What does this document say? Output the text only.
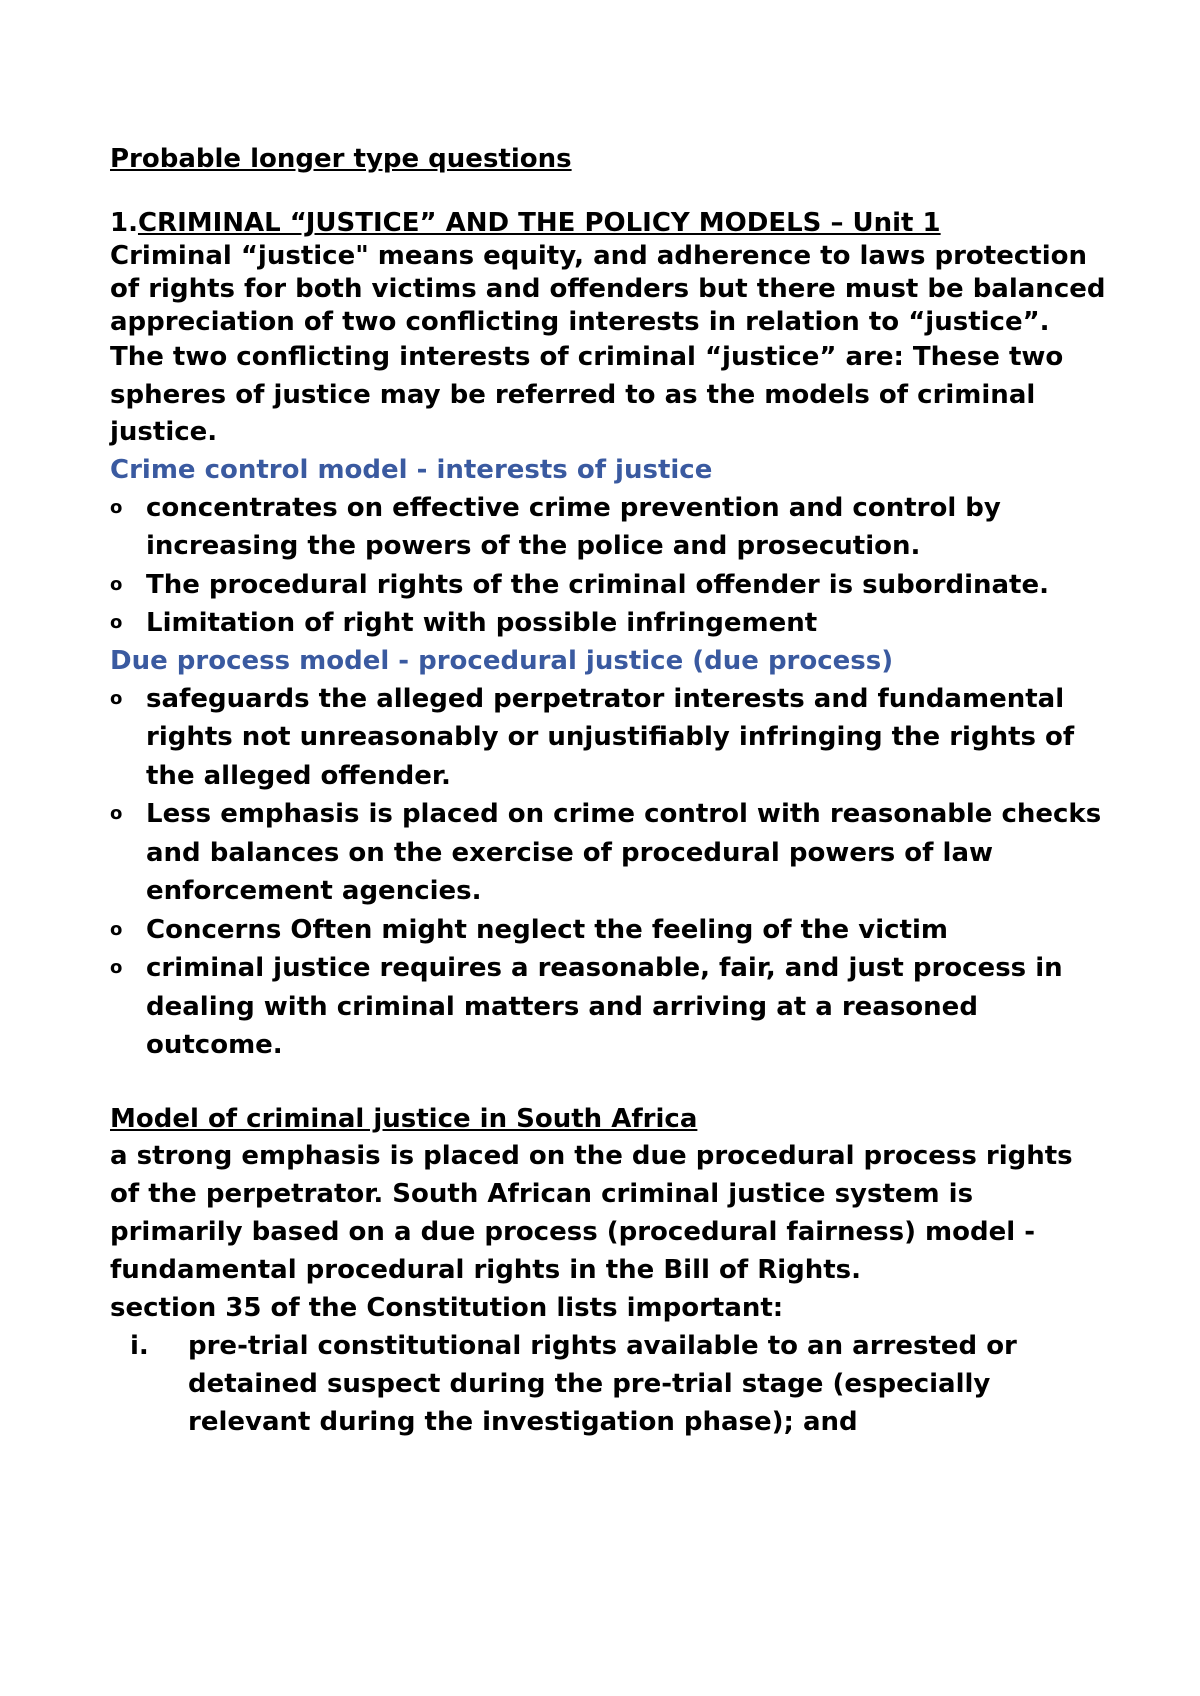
Probable longer type questions
1.CRIMINAL “JUSTICE” AND THE POLICY MODELS – Unit 1

Criminal “justice" means equity, and adherence to laws protection of rights for both victims and offenders but there must be balanced appreciation of two conflicting interests in relation to “justice”.

The two conflicting interests of criminal “justice” are: These two spheres of justice may be referred to as the models of criminal justice.

Crime control model - interests of justice
o concentrates on effective crime prevention and control by increasing the powers of the police and prosecution.
o The procedural rights of the criminal offender is subordinate.
o Limitation of right with possible infringement
Due process model - procedural justice (due process)
o safeguards the alleged perpetrator interests and fundamental rights not unreasonably or unjustifiably infringing the rights of the alleged offender.
o Less emphasis is placed on crime control with reasonable checks and balances on the exercise of procedural powers of law enforcement agencies.
o Concerns Often might neglect the feeling of the victim
o criminal justice requires a reasonable, fair, and just process in dealing with criminal matters and arriving at a reasoned outcome.
Model of criminal justice in South Africa

a strong emphasis is placed on the due procedural process rights of the perpetrator. South African criminal justice system is primarily based on a due process (procedural fairness) model -fundamental procedural rights in the Bill of Rights.

section 35 of the Constitution lists important:

i. pre-trial constitutional rights available to an arrested or detained suspect during the pre-trial stage (especially relevant during the investigation phase); and
